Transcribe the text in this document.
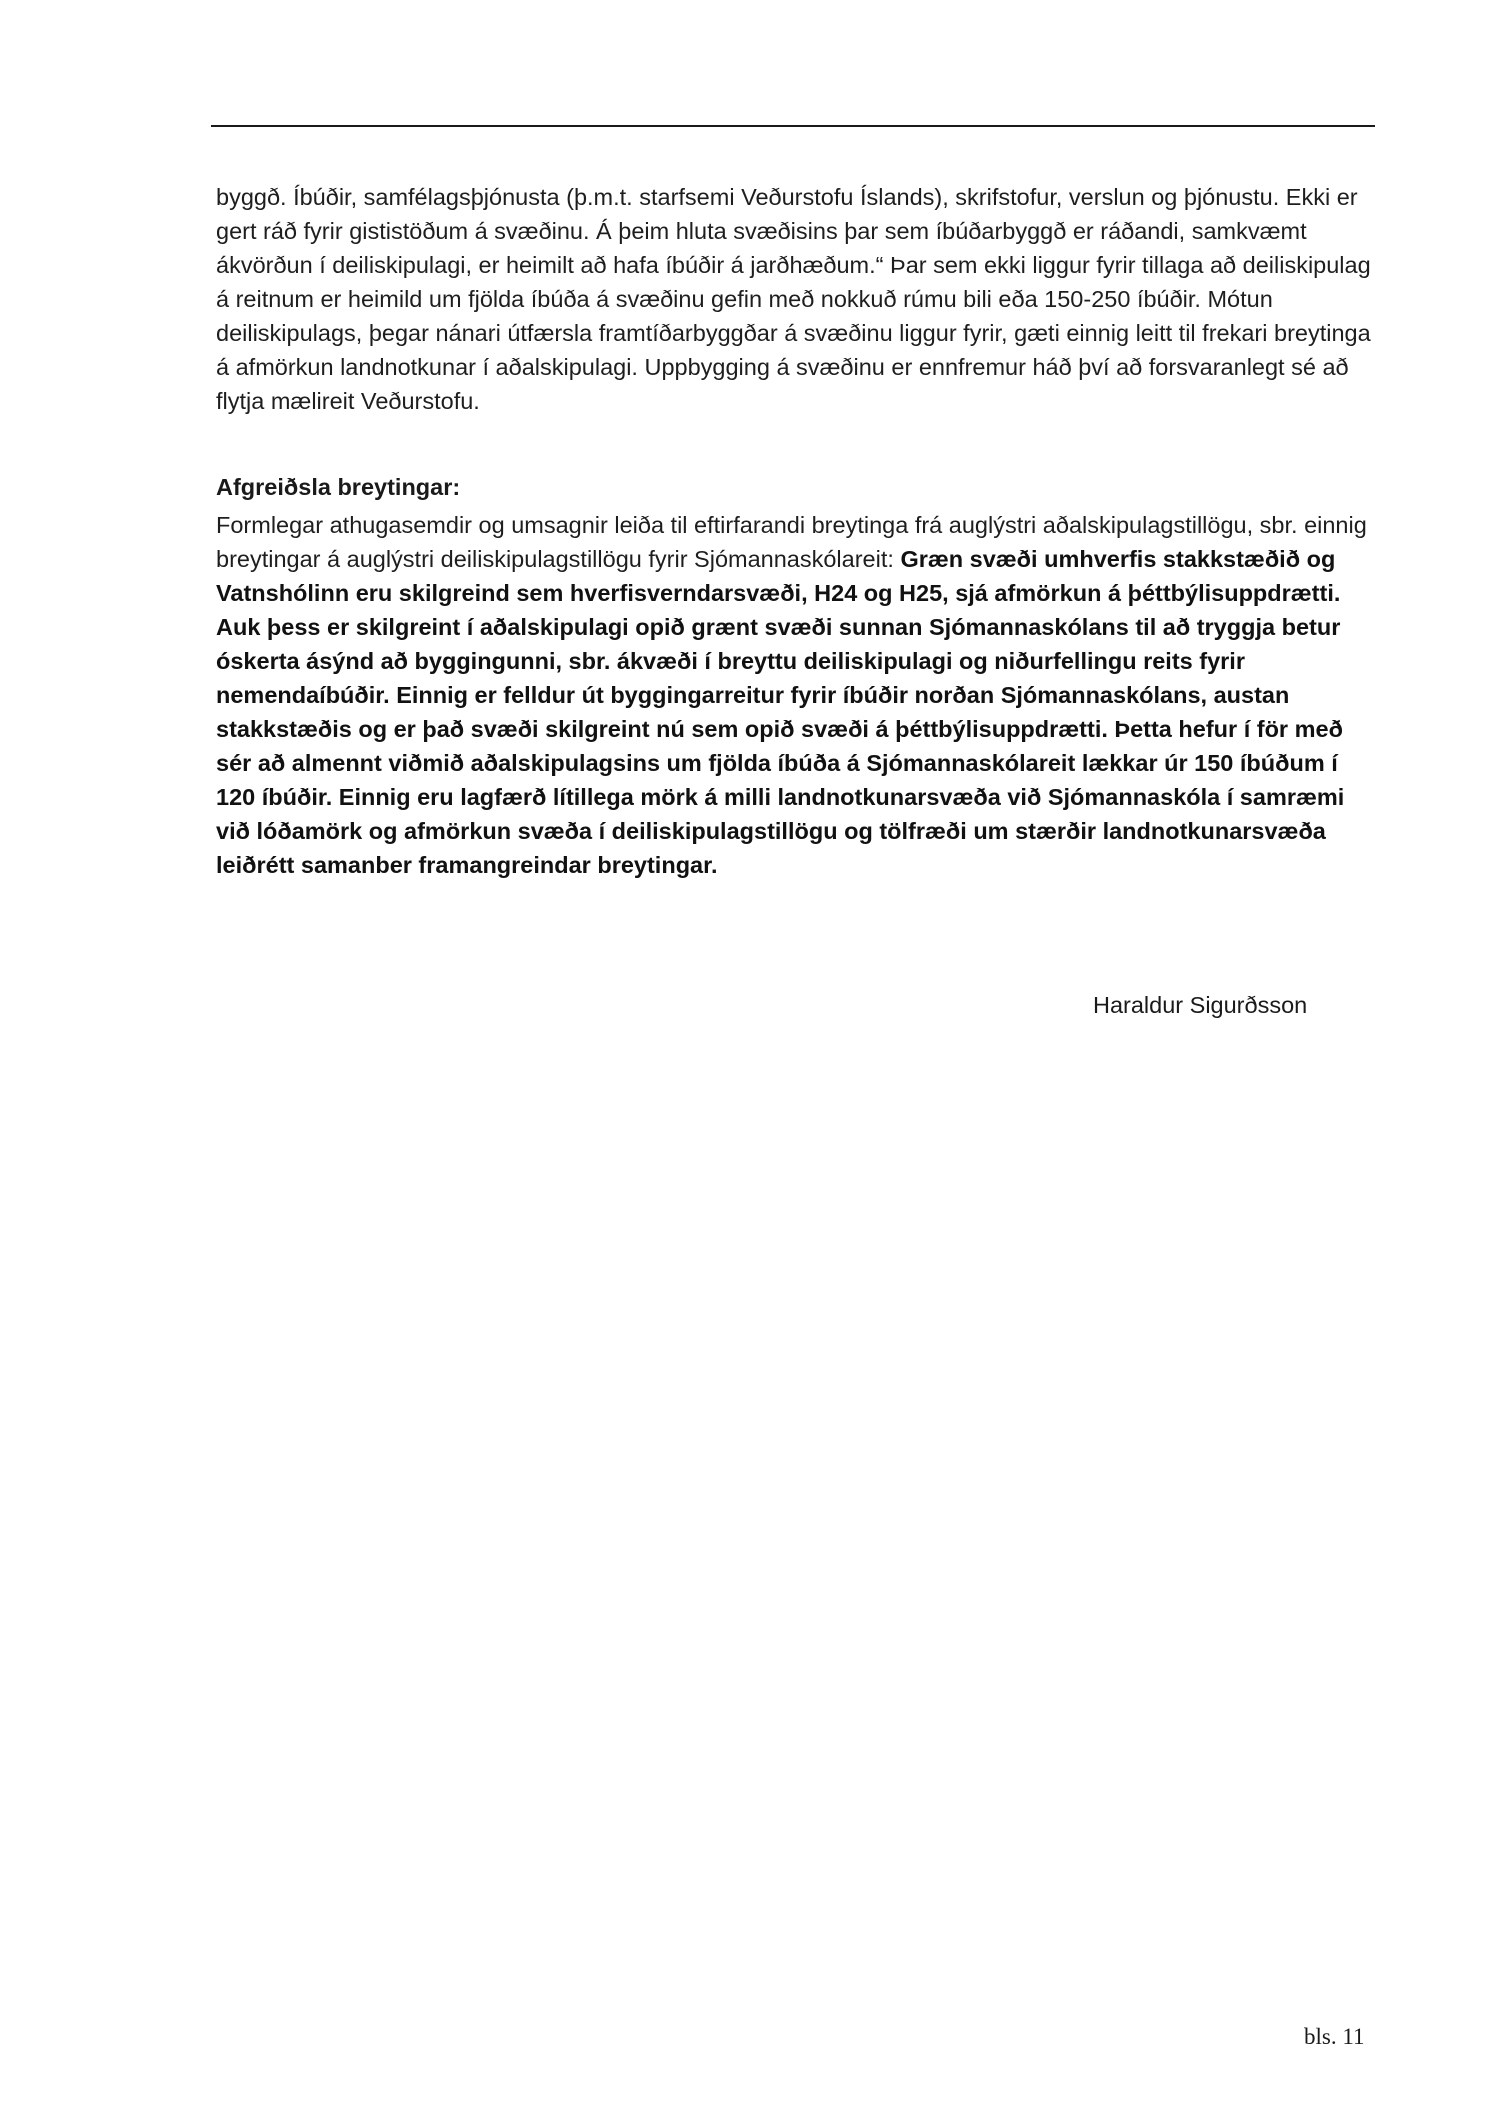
byggð. Íbúðir, samfélagsþjónusta (þ.m.t. starfsemi Veðurstofu Íslands), skrifstofur, verslun og þjónustu. Ekki er gert ráð fyrir gististöðum á svæðinu. Á þeim hluta svæðisins þar sem íbúðarbyggð er ráðandi, samkvæmt ákvörðun í deiliskipulagi, er heimilt að hafa íbúðir á jarðhæðum.“ Þar sem ekki liggur fyrir tillaga að deiliskipulag á reitnum er heimild um fjölda íbúða á svæðinu gefin með nokkuð rúmu bili eða 150-250 íbúðir. Mótun deiliskipulags, þegar nánari útfærsla framtíðarbyggðar á svæðinu liggur fyrir, gæti einnig leitt til frekari breytinga á afmörkun landnotkunar í aðalskipulagi. Uppbygging á svæðinu er ennfremur háð því að forsvaranlegt sé að flytja mælireit Veðurstofu.

Afgreiðsla breytingar:

Formlegar athugasemdir og umsagnir leiða til eftirfarandi breytinga frá auglýstri aðalskipulagstillögu, sbr. einnig breytingar á auglýstri deiliskipulagstillögu fyrir Sjómannaskólareit: Græn svæði umhverfis stakkstæðið og Vatnshólinn eru skilgreind sem hverfisverndarsvæði, H24 og H25, sjá afmörkun á þéttbýlisuppdrætti. Auk þess er skilgreint í aðalskipulagi opið grænt svæði sunnan Sjómannaskólans til að tryggja betur óskerta ásýnd að byggingunni, sbr. ákvæði í breyttu deiliskipulagi og niðurfellingu reits fyrir nemendaíbúðir. Einnig er felldur út byggingarreitur fyrir íbúðir norðan Sjómannaskólans, austan stakkstæðis og er það svæði skilgreint nú sem opið svæði á þéttbýlisuppdrætti. Þetta hefur í för með sér að almennt viðmið aðalskipulagsins um fjölda íbúða á Sjómannaskólareit lækkar úr 150 íbúðum í 120 íbúðir. Einnig eru lagfærð lítillega mörk á milli landnotkunarsvæða við Sjómannaskóla í samræmi við lóðamörk og afmörkun svæða í deiliskipulagstillögu og tölfræði um stærðir landnotkunarsvæða leiðrétt samanber framangreindar breytingar.

Haraldur Sigurðsson

bls. 11
